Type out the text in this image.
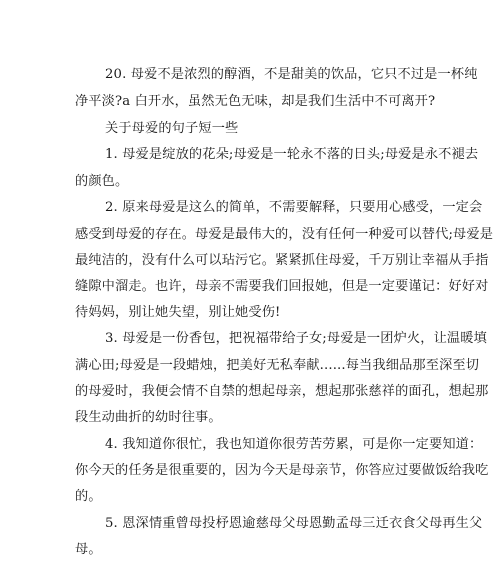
20. 母爱不是浓烈的醇酒，不是甜美的饮品，它只不过是一杯纯

净平淡?a 白开水，虽然无色无味，却是我们生活中不可离开?

关于母爱的句子短一些

1. 母爱是绽放的花朵;母爱是一轮永不落的日头;母爱是永不褪去

的颜色。

2. 原来母爱是这么的简单，不需要解释，只要用心感受，一定会

感受到母爱的存在。母爱是最伟大的，没有任何一种爱可以替代;母爱是

最纯洁的，没有什么可以玷污它。紧紧抓住母爱，千万别让幸福从手指

缝隙中溜走。也许，母亲不需要我们回报她，但是一定要谨记：好好对

待妈妈，别让她失望，别让她受伤!

3. 母爱是一份香包，把祝福带给子女;母爱是一团炉火，让温暖填

满心田;母爱是一段蜡烛，把美好无私奉献......每当我细品那至深至切

的母爱时，我便会情不自禁的想起母亲，想起那张慈祥的面孔，想起那

段生动曲折的幼时往事。

4. 我知道你很忙，我也知道你很劳苦劳累，可是你一定要知道：

你今天的任务是很重要的，因为今天是母亲节，你答应过要做饭给我吃

的。

5. 恩深情重曾母投杼恩逾慈母父母恩勤孟母三迁衣食父母再生父

母。
